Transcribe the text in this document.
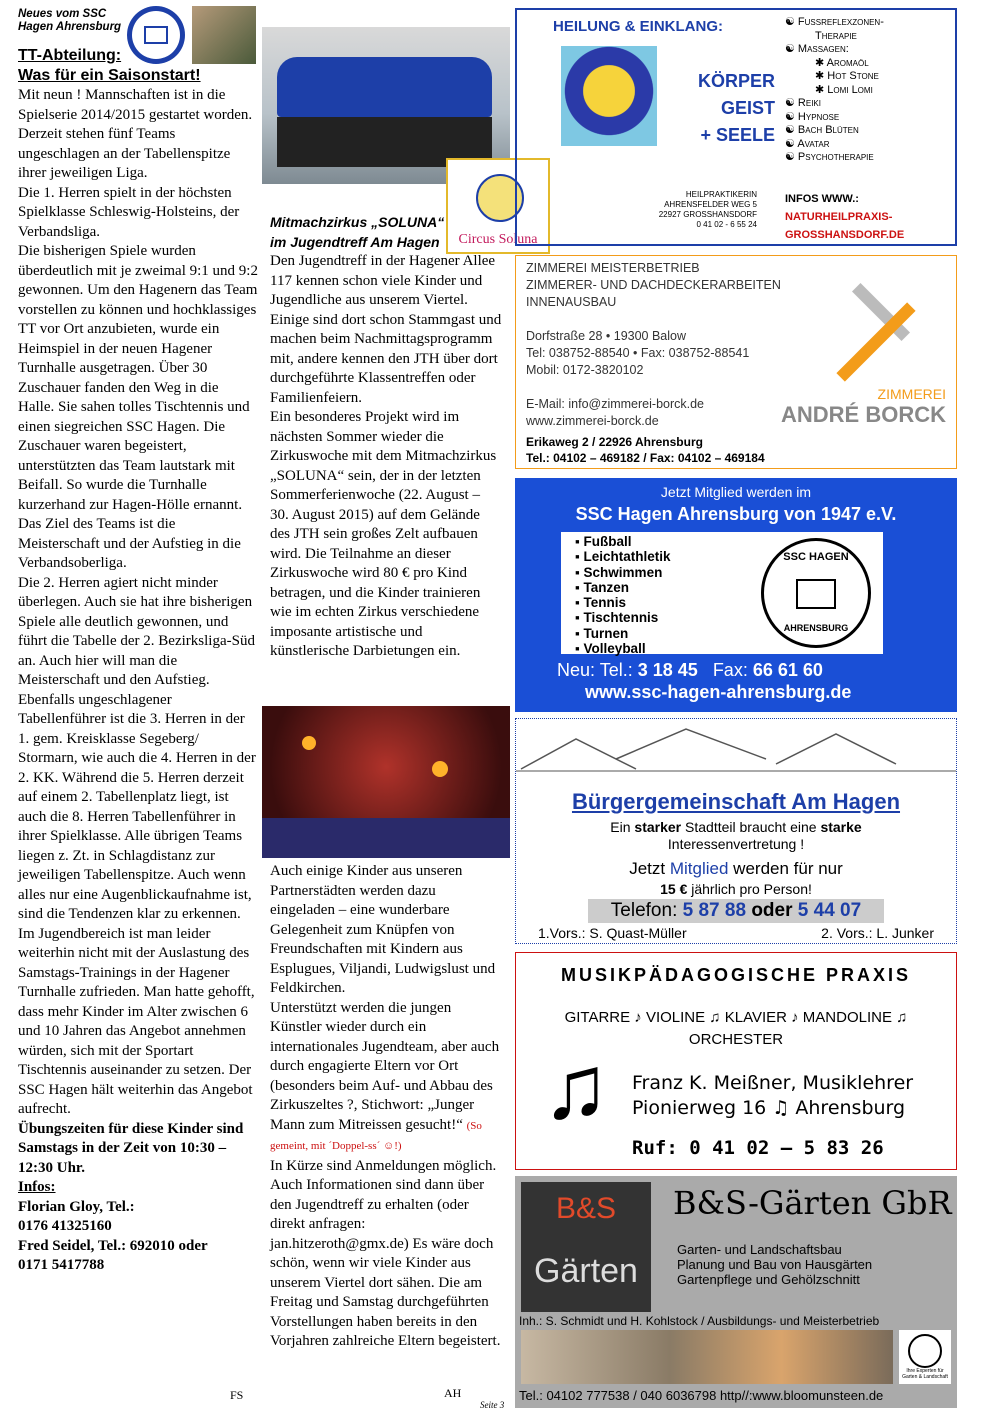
Neues vom SSC
Hagen Ahrensburg
TT-Abteilung:
Was für ein Saisonstart!

Mit neun ! Mannschaften ist in die Spielserie 2014/2015 gestartet worden.

Derzeit stehen fünf Teams ungeschlagen an der Tabellenspitze ihrer jeweiligen Liga.

Die 1. Herren spielt in der höchsten Spielklasse Schleswig-Holsteins, der Verbandsliga.

Die bisherigen Spiele wurden überdeutlich mit je zweimal 9:1 und 9:2 gewonnen. Um den Hagenern das Team vorstellen zu können und hochklassiges TT vor Ort anzubieten, wurde ein Heimspiel in der neuen Hagener Turnhalle ausgetragen. Über 30 Zuschauer fanden den Weg in die Halle. Sie sahen tolles Tischtennis und einen siegreichen SSC Hagen. Die Zuschauer waren begeistert, unterstützten das Team lautstark mit Beifall. So wurde die Turnhalle kurzerhand zur Hagen-Hölle ernannt. Das Ziel des Teams ist die Meisterschaft und der Aufstieg in die Verbandsoberliga.

Die 2. Herren agiert nicht minder überlegen. Auch sie hat ihre bisherigen Spiele alle deutlich gewonnen, und führt die Tabelle der 2. Bezirksliga-Süd an. Auch hier will man die Meisterschaft und den Aufstieg.

Ebenfalls ungeschlagener Tabellenführer ist die 3. Herren in der 1. gem. Kreisklasse Segeberg/ Stormarn, wie auch die 4. Herren in der 2. KK. Während die 5. Herren derzeit auf einem 2. Tabellenplatz liegt, ist auch die 8. Herren Tabellenführer in ihrer Spielklasse. Alle übrigen Teams liegen z. Zt. in Schlagdistanz zur jeweiligen Tabellenspitze. Auch wenn alles nur eine Augenblickaufnahme ist, sind die Tendenzen klar zu erkennen.

Im Jugendbereich ist man leider weiterhin nicht mit der Auslastung des Samstags-Trainings in der Hagener Turnhalle zufrieden. Man hatte gehofft, dass mehr Kinder im Alter zwischen 6 und 10 Jahren das Angebot annehmen würden, sich mit der Sportart Tischtennis auseinander zu setzen. Der SSC Hagen hält weiterhin das Angebot aufrecht.

Übungszeiten für diese Kinder sind Samstags in der Zeit von 10:30 – 12:30 Uhr.

Infos:

Florian Gloy, Tel.:

0176 41325160

Fred Seidel, Tel.: 692010 oder

0171 5417788

FS
Circus Soluna
Mitmachzirkus „SOLUNA“
im Jugendtreff Am Hagen

Den Jugendtreff in der Hagener Allee 117 kennen schon viele Kinder und Jugendliche aus unserem Viertel. Einige sind dort schon Stammgast und machen beim Nachmittagsprogramm mit, andere kennen den JTH über dort durchgeführte Klassentreffen oder Familienfeiern.

Ein besonderes Projekt wird im nächsten Sommer wieder die Zirkuswoche mit dem Mitmachzirkus „SOLUNA“ sein, der in der letzten Sommerferienwoche (22. August – 30. August 2015) auf dem Gelände des JTH sein großes Zelt aufbauen wird. Die Teilnahme an dieser Zirkuswoche wird 80 € pro Kind betragen, und die Kinder trainieren wie im echten Zirkus verschiedene imposante artistische und künstlerische Darbietungen ein.

Auch einige Kinder aus unseren Partnerstädten werden dazu eingeladen – eine wunderbare Gelegenheit zum Knüpfen von Freundschaften mit Kindern aus Esplugues, Viljandi, Ludwigslust und Feldkirchen.

Unterstützt werden die jungen Künstler wieder durch ein internationales Jugendteam, aber auch durch engagierte Eltern vor Ort (besonders beim Auf- und Abbau des Zirkuszeltes ?, Stichwort: „Junger Mann zum Mitreissen gesucht!“ (So gemeint, mit ´Doppel-ss´ ☺!)

In Kürze sind Anmeldungen möglich. Auch Informationen sind dann über den Jugendtreff zu erhalten (oder direkt anfragen: jan.hitzeroth@gmx.de) Es wäre doch schön, wenn wir viele Kinder aus unserem Viertel dort sähen. Die am Freitag und Samstag durchgeführten Vorstellungen haben bereits in den Vorjahren zahlreiche Eltern begeistert.

AH
Seite 3
HEILUNG & EINKLANG:
KÖRPER
GEIST
+ SEELE
HEILPRAKTIKERIN
AHRENSFELDER WEG 5
22927 GROSSHANSDORF
0 41 02 - 6 55 24
☯ Fußreflexzonen-
Therapie
☯ Massagen:
✱ Aromaöl
✱ Hot Stone
✱ Lomi Lomi
☯ Reiki
☯ Hypnose
☯ Bach Blüten
☯ Avatar
☯ Psychotherapie
INFOS WWW.:
NATURHEILPRAXIS-
GROSSHANSDORF.DE
ZIMMEREI MEISTERBETRIEB
ZIMMERER- UND DACHDECKERARBEITEN
INNENAUSBAU
Dorfstraße 28 • 19300 Balow
Tel: 038752-88540 • Fax: 038752-88541
Mobil: 0172-3820102
E-Mail: info@zimmerei-borck.de
www.zimmerei-borck.de
ZIMMEREI
ANDRÉ BORCK
Erikaweg 2 / 22926 Ahrensburg
Tel.: 04102 – 469182 / Fax: 04102 – 469184
Jetzt Mitglied werden im
SSC Hagen Ahrensburg von 1947 e.V.
▪ Fußball
▪ Leichtathletik
▪ Schwimmen
▪ Tanzen
▪ Tennis
▪ Tischtennis
▪ Turnen
▪ Volleyball
SSC HAGEN
AHRENSBURG
Neu: Tel.: 3 18 45 Fax: 66 61 60
www.ssc-hagen-ahrensburg.de
Bürgergemeinschaft Am Hagen
Ein starker Stadtteil braucht eine starke
Interessenvertretung !
Jetzt Mitglied werden für nur
15 € jährlich pro Person!
Telefon: 5 87 88 oder 5 44 07
1.Vors.: S. Quast-Müller	2. Vors.: L. Junker
MUSIKPÄDAGOGISCHE PRAXIS
GITARRE ♪ VIOLINE ♫ KLAVIER ♪ MANDOLINE ♫
ORCHESTER
♫ Franz K. Meißner, Musiklehrer
Pionierweg 16 ♫ Ahrensburg
Ruf: 0 41 02 – 5 83 26
B&S
Gärten
B&S-Gärten GbR
Garten- und Landschaftsbau
Planung und Bau von Hausgärten
Gartenpflege und Gehölzschnitt
Inh.: S. Schmidt und H. Kohlstock / Ausbildungs- und Meisterbetrieb
Ihre Experten für Garten & Landschaft
Tel.: 04102 777538 / 040 6036798 http//:www.bloomunsteen.de
